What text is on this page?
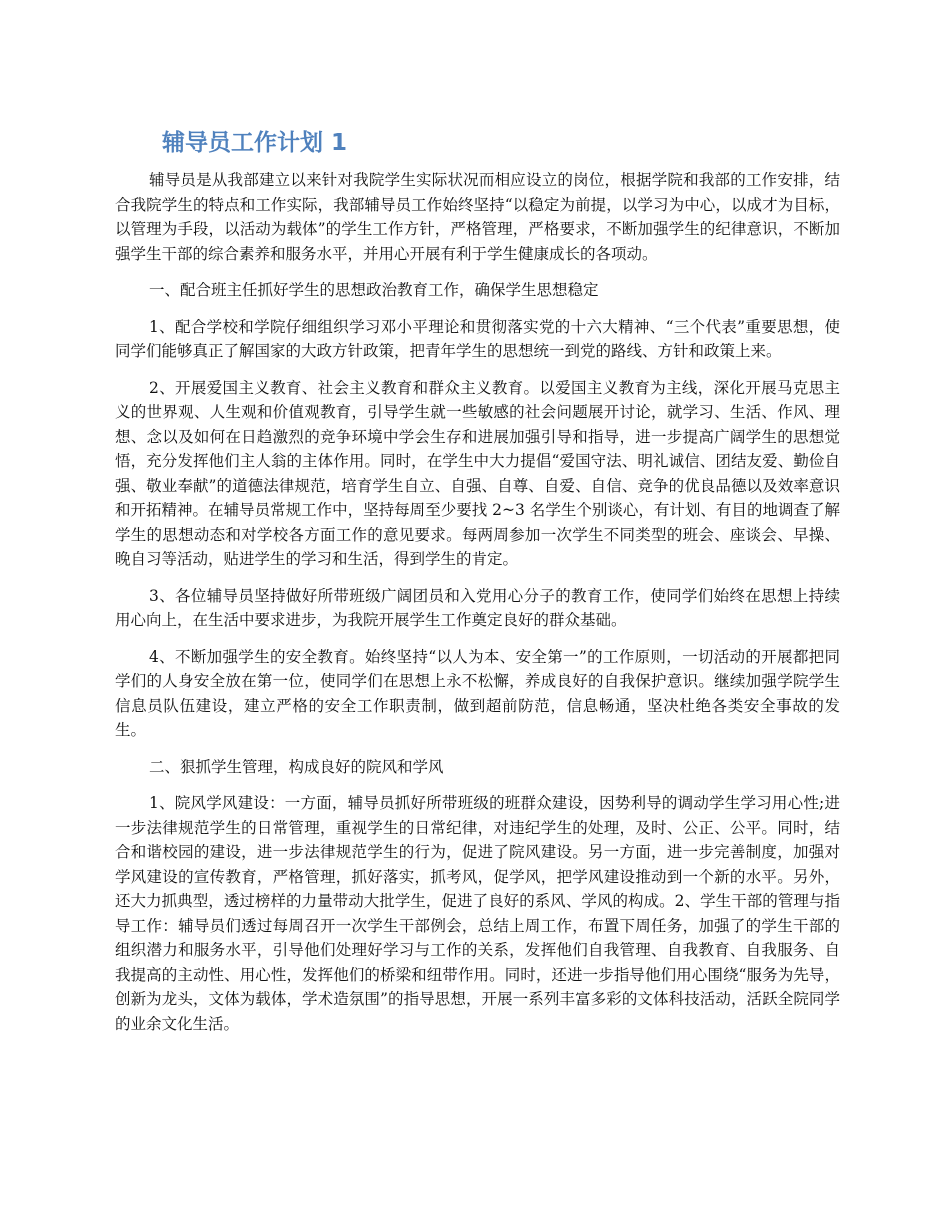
辅导员工作计划 1

辅导员是从我部建立以来针对我院学生实际状况而相应设立的岗位，根据学院和我部的工作安排，结合我院学生的特点和工作实际，我部辅导员工作始终坚持“以稳定为前提，以学习为中心，以成才为目标，以管理为手段，以活动为载体”的学生工作方针，严格管理，严格要求，不断加强学生的纪律意识，不断加强学生干部的综合素养和服务水平，并用心开展有利于学生健康成长的各项动。

一、配合班主任抓好学生的思想政治教育工作，确保学生思想稳定

1、配合学校和学院仔细组织学习邓小平理论和贯彻落实党的十六大精神、“三个代表”重要思想，使同学们能够真正了解国家的大政方针政策，把青年学生的思想统一到党的路线、方针和政策上来。

2、开展爱国主义教育、社会主义教育和群众主义教育。以爱国主义教育为主线，深化开展马克思主义的世界观、人生观和价值观教育，引导学生就一些敏感的社会问题展开讨论，就学习、生活、作风、理想、念以及如何在日趋激烈的竞争环境中学会生存和进展加强引导和指导，进一步提高广阔学生的思想觉悟，充分发挥他们主人翁的主体作用。同时，在学生中大力提倡“爱国守法、明礼诚信、团结友爱、勤俭自强、敬业奉献”的道德法律规范，培育学生自立、自强、自尊、自爱、自信、竞争的优良品德以及效率意识和开拓精神。在辅导员常规工作中，坚持每周至少要找 2~3 名学生个别谈心，有计划、有目的地调查了解学生的思想动态和对学校各方面工作的意见要求。每两周参加一次学生不同类型的班会、座谈会、早操、晚自习等活动，贴进学生的学习和生活，得到学生的肯定。

3、各位辅导员坚持做好所带班级广阔团员和入党用心分子的教育工作，使同学们始终在思想上持续用心向上，在生活中要求进步，为我院开展学生工作奠定良好的群众基础。

4、不断加强学生的安全教育。始终坚持“以人为本、安全第一”的工作原则，一切活动的开展都把同学们的人身安全放在第一位，使同学们在思想上永不松懈，养成良好的自我保护意识。继续加强学院学生信息员队伍建设，建立严格的安全工作职责制，做到超前防范，信息畅通，坚决杜绝各类安全事故的发生。

二、狠抓学生管理，构成良好的院风和学风

1、院风学风建设：一方面，辅导员抓好所带班级的班群众建设，因势利导的调动学生学习用心性;进一步法律规范学生的日常管理，重视学生的日常纪律，对违纪学生的处理，及时、公正、公平。同时，结合和谐校园的建设，进一步法律规范学生的行为，促进了院风建设。另一方面，进一步完善制度，加强对学风建设的宣传教育，严格管理，抓好落实，抓考风，促学风，把学风建设推动到一个新的水平。另外，还大力抓典型，透过榜样的力量带动大批学生，促进了良好的系风、学风的构成。2、学生干部的管理与指导工作：辅导员们透过每周召开一次学生干部例会，总结上周工作，布置下周任务，加强了的学生干部的组织潜力和服务水平，引导他们处理好学习与工作的关系，发挥他们自我管理、自我教育、自我服务、自我提高的主动性、用心性，发挥他们的桥梁和纽带作用。同时，还进一步指导他们用心围绕“服务为先导，创新为龙头，文体为载体，学术造氛围”的指导思想，开展一系列丰富多彩的文体科技活动，活跃全院同学的业余文化生活。
